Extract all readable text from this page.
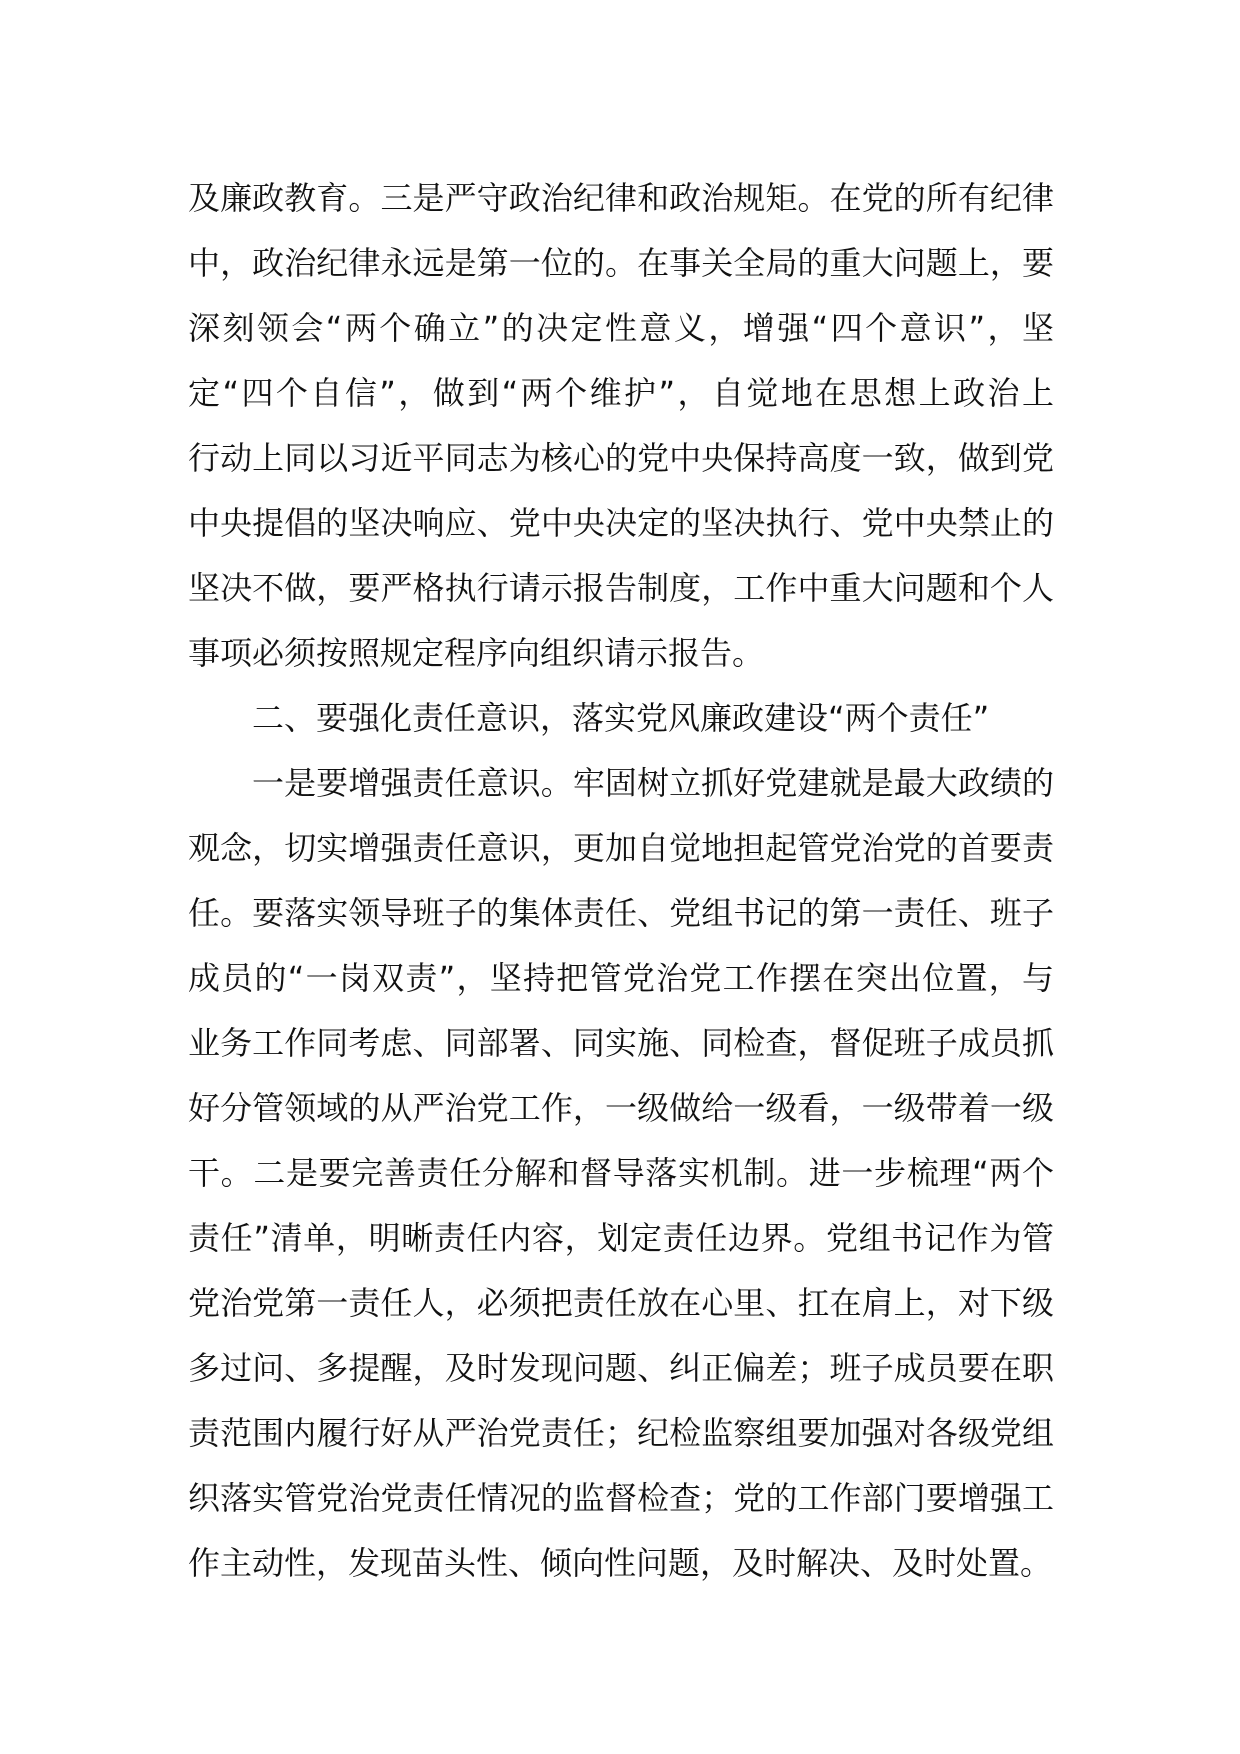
及廉政教育。三是严守政治纪律和政治规矩。在党的所有纪律
中，政治纪律永远是第一位的。在事关全局的重大问题上，要
深刻领会“两个确立”的决定性意义，增强“四个意识”，坚
定“四个自信”，做到“两个维护”，自觉地在思想上政治上
行动上同以习近平同志为核心的党中央保持高度一致，做到党
中央提倡的坚决响应、党中央决定的坚决执行、党中央禁止的
坚决不做，要严格执行请示报告制度，工作中重大问题和个人
事项必须按照规定程序向组织请示报告。
二、要强化责任意识，落实党风廉政建设“两个责任”
一是要增强责任意识。牢固树立抓好党建就是最大政绩的
观念，切实增强责任意识，更加自觉地担起管党治党的首要责
任。要落实领导班子的集体责任、党组书记的第一责任、班子
成员的“一岗双责”，坚持把管党治党工作摆在突出位置，与
业务工作同考虑、同部署、同实施、同检查，督促班子成员抓
好分管领域的从严治党工作，一级做给一级看，一级带着一级
干。二是要完善责任分解和督导落实机制。进一步梳理“两个
责任”清单，明晰责任内容，划定责任边界。党组书记作为管
党治党第一责任人，必须把责任放在心里、扛在肩上，对下级
多过问、多提醒，及时发现问题、纠正偏差；班子成员要在职
责范围内履行好从严治党责任；纪检监察组要加强对各级党组
织落实管党治党责任情况的监督检查；党的工作部门要增强工
作主动性，发现苗头性、倾向性问题，及时解决、及时处置。
